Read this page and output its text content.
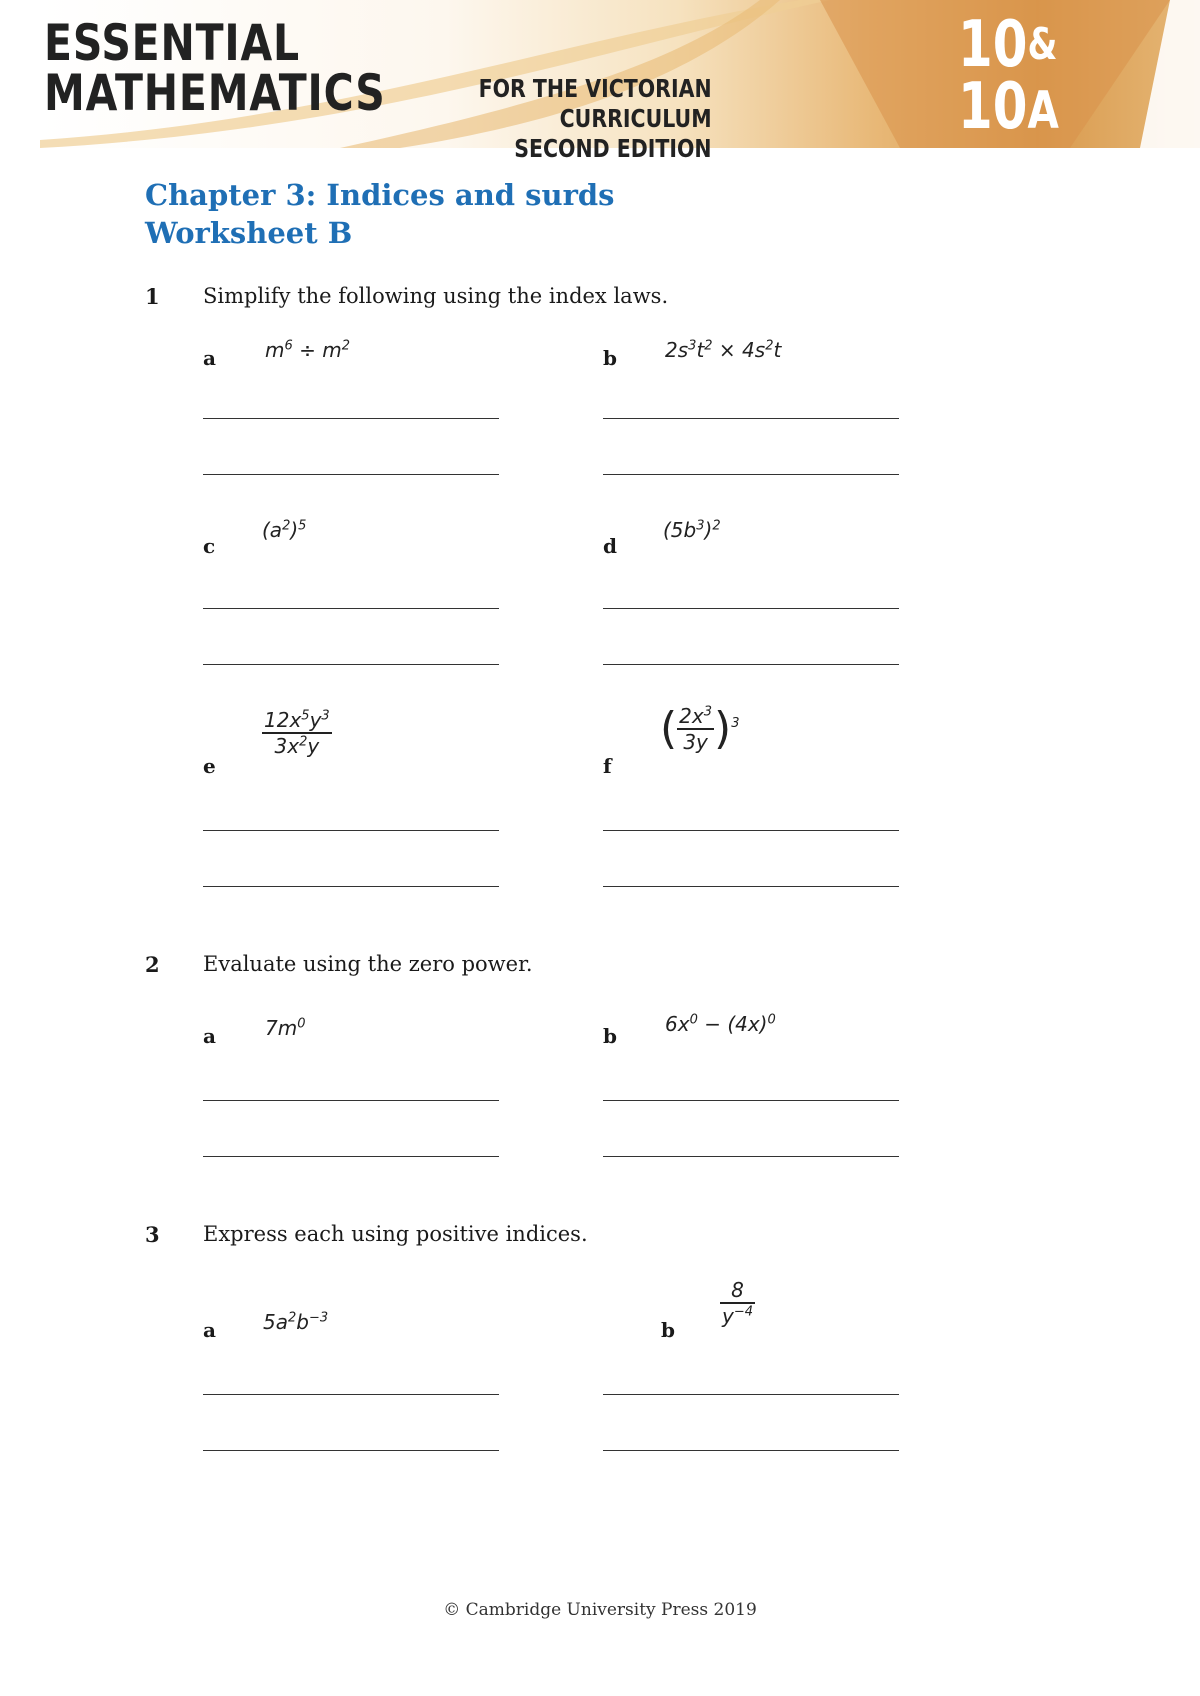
ESSENTIAL
MATHEMATICS	FOR THE VICTORIAN CURRICULUM
SECOND EDITION
10&
10A
Chapter 3: Indices and surds
Worksheet B
1 Simplify the following using the index laws.
a $m^6 \div m^2$
b $2s^3t^2 \times 4s^2t$
c
$(a^2)^5$
d
$(5b^3)^2$
e
$\frac{12x^5y^3}{3x^2y}$
f
( $\frac{2x^3}{3y} )^3$
2 Evaluate using the zero power.
a $7m^0$
b $6x^0 - (4x)^0$
3 Express each using positive indices.
a $5a^2b^{-3}$
b
$\frac{8}{y^{-4}}$
© Cambridge University Press 2019
